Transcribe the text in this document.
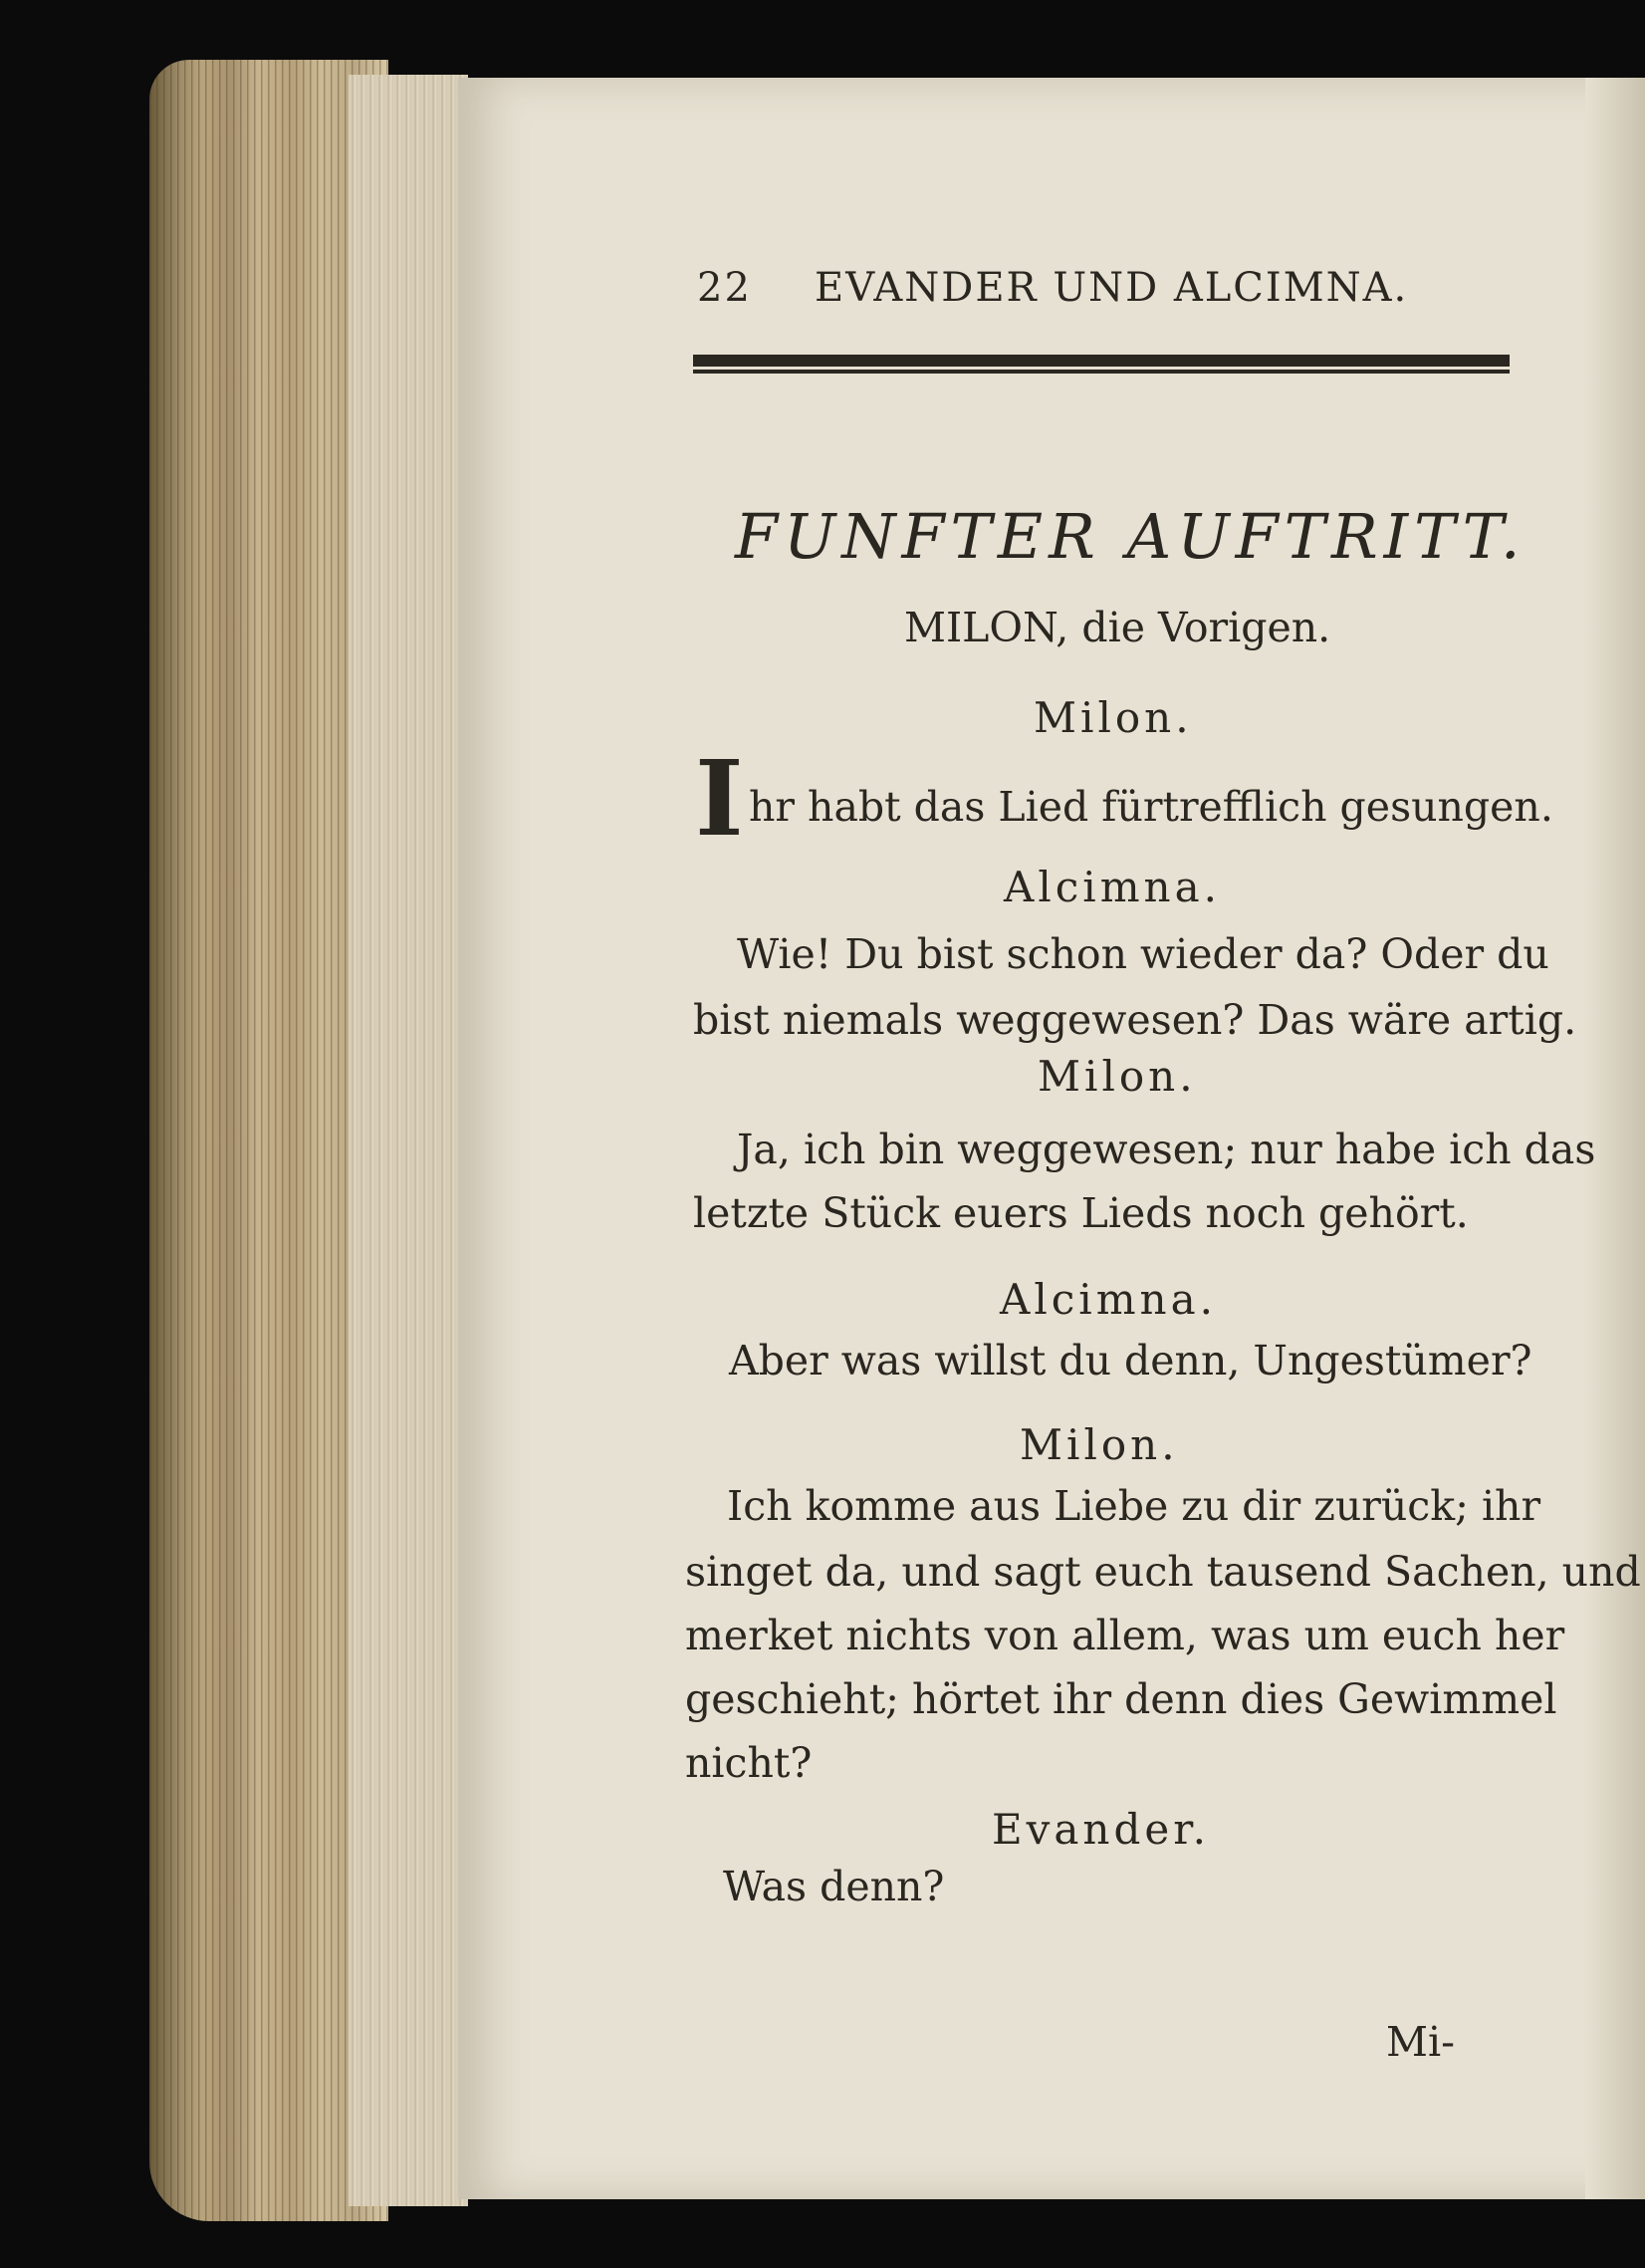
22 EVANDER UND ALCIMNA.
FUNFTER AUFTRITT.
MILON, die Vorigen.
Milon.
I hr habt das Lied fürtrefflich gesungen.
Alcimna.
Wie! Du bist schon wieder da? Oder du
bist niemals weggewesen? Das wäre artig.
Milon.
Ja, ich bin weggewesen; nur habe ich das
letzte Stück euers Lieds noch gehört.
Alcimna.
Aber was willst du denn, Ungestümer?
Milon.
Ich komme aus Liebe zu dir zurück; ihr
singet da, und sagt euch tausend Sachen, und
merket nichts von allem, was um euch her
geschieht; hörtet ihr denn dies Gewimmel
nicht?
Evander.
Was denn?
Mi-
